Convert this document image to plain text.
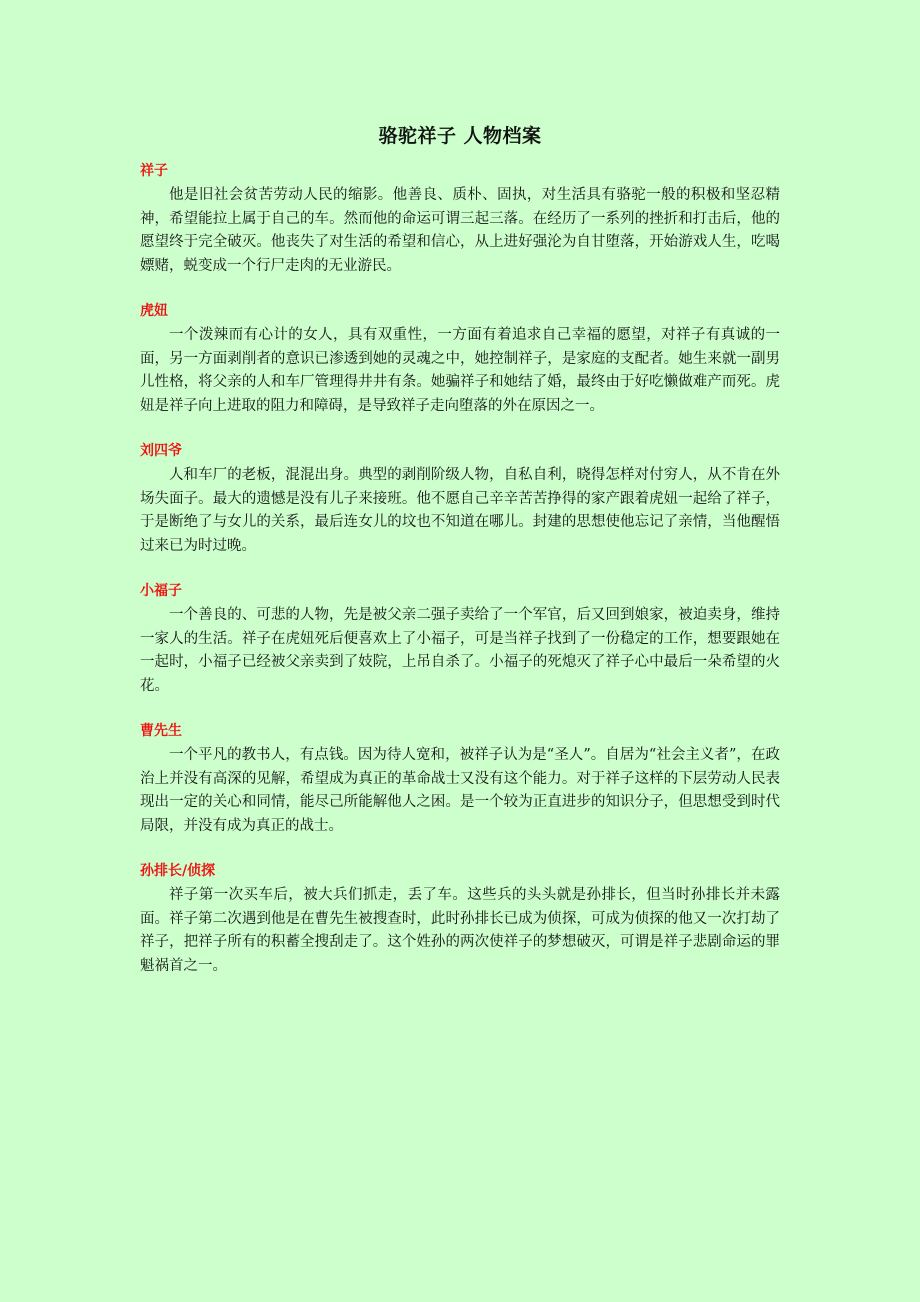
骆驼祥子 人物档案
祥子

他是旧社会贫苦劳动人民的缩影。他善良、质朴、固执，对生活具有骆驼一般的积极和坚忍精神，希望能拉上属于自己的车。然而他的命运可谓三起三落。在经历了一系列的挫折和打击后，他的愿望终于完全破灭。他丧失了对生活的希望和信心，从上进好强沦为自甘堕落，开始游戏人生，吃喝嫖赌，蜕变成一个行尸走肉的无业游民。

虎妞

一个泼辣而有心计的女人，具有双重性，一方面有着追求自己幸福的愿望，对祥子有真诚的一面，另一方面剥削者的意识已渗透到她的灵魂之中，她控制祥子，是家庭的支配者。她生来就一副男儿性格，将父亲的人和车厂管理得井井有条。她骗祥子和她结了婚，最终由于好吃懒做难产而死。虎妞是祥子向上进取的阻力和障碍，是导致祥子走向堕落的外在原因之一。

刘四爷

人和车厂的老板，混混出身。典型的剥削阶级人物，自私自利，晓得怎样对付穷人，从不肯在外场失面子。最大的遗憾是没有儿子来接班。他不愿自己辛辛苦苦挣得的家产跟着虎妞一起给了祥子，于是断绝了与女儿的关系，最后连女儿的坟也不知道在哪儿。封建的思想使他忘记了亲情，当他醒悟过来已为时过晚。

小福子

一个善良的、可悲的人物，先是被父亲二强子卖给了一个军官，后又回到娘家，被迫卖身，维持一家人的生活。祥子在虎妞死后便喜欢上了小福子，可是当祥子找到了一份稳定的工作，想要跟她在一起时，小福子已经被父亲卖到了妓院，上吊自杀了。小福子的死熄灭了祥子心中最后一朵希望的火花。

曹先生

一个平凡的教书人，有点钱。因为待人宽和，被祥子认为是“圣人”。自居为“社会主义者”，在政治上并没有高深的见解，希望成为真正的革命战士又没有这个能力。对于祥子这样的下层劳动人民表现出一定的关心和同情，能尽己所能解他人之困。是一个较为正直进步的知识分子，但思想受到时代局限，并没有成为真正的战士。

孙排长/侦探

祥子第一次买车后，被大兵们抓走，丢了车。这些兵的头头就是孙排长，但当时孙排长并未露面。祥子第二次遇到他是在曹先生被搜查时，此时孙排长已成为侦探，可成为侦探的他又一次打劫了祥子，把祥子所有的积蓄全搜刮走了。这个姓孙的两次使祥子的梦想破灭，可谓是祥子悲剧命运的罪魁祸首之一。
